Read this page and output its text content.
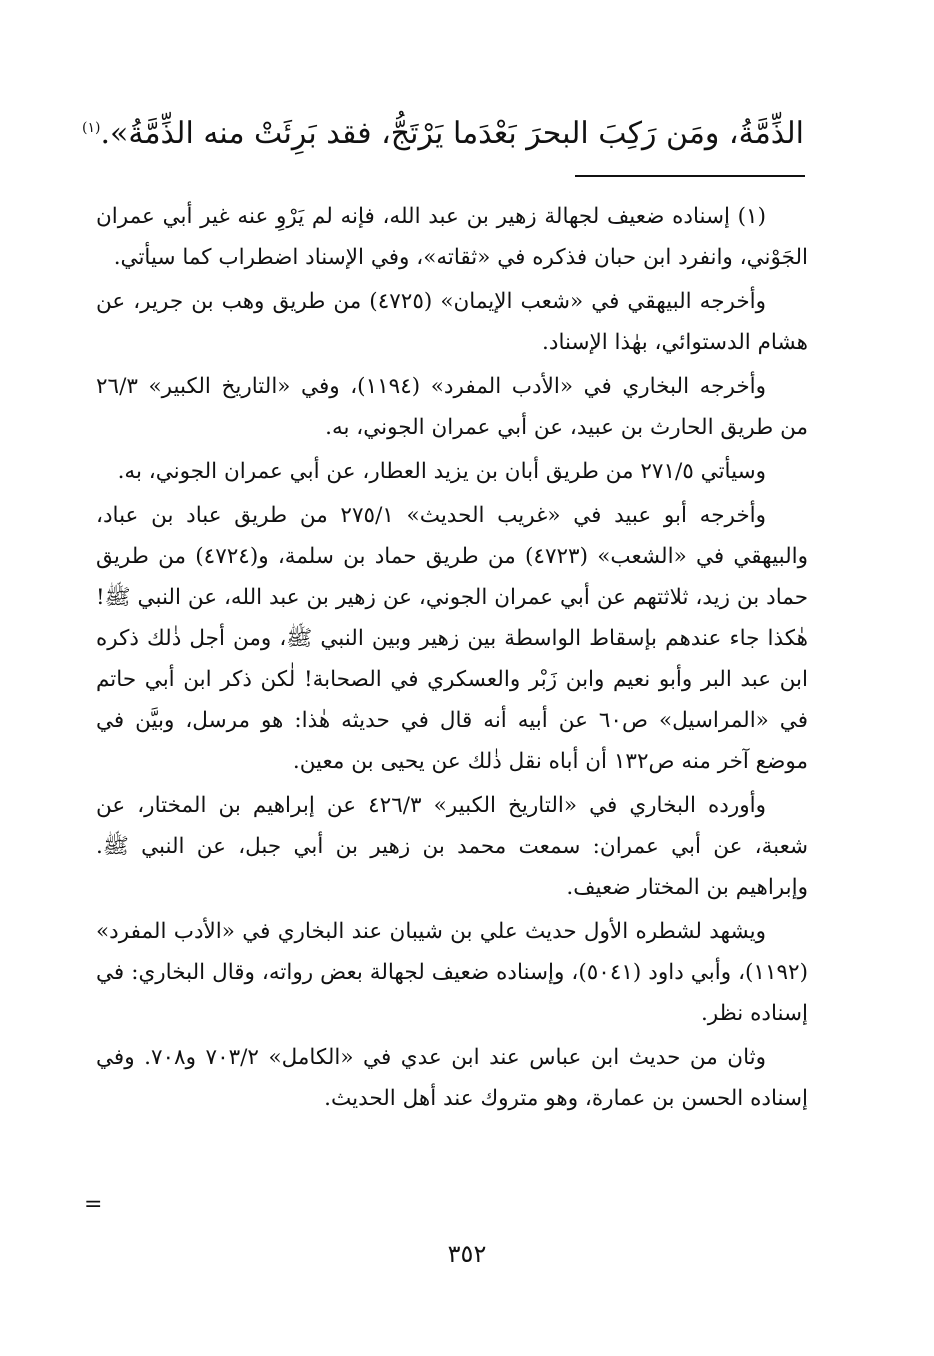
الذِّمَّةُ، ومَن رَكِبَ البحرَ بَعْدَما يَرْتَجُّ، فقد بَرِئَتْ منه الذِّمَّةُ».$^{(١)}$

(١) إسناده ضعيف لجهالة زهير بن عبد الله، فإنه لم يَرْوِ عنه غير أبي عمران الجَوْني، وانفرد ابن حبان فذكره في «ثقاته»، وفي الإسناد اضطراب كما سيأتي.

وأخرجه البيهقي في «شعب الإيمان» (٤٧٢٥) من طريق وهب بن جرير، عن هشام الدستوائي، بهٰذا الإسناد.

وأخرجه البخاري في «الأدب المفرد» (١١٩٤)، وفي «التاريخ الكبير» ٢٦/٣ من طريق الحارث بن عبيد، عن أبي عمران الجوني، به.

وسيأتي ٢٧١/٥ من طريق أبان بن يزيد العطار، عن أبي عمران الجوني، به.

وأخرجه أبو عبيد في «غريب الحديث» ٢٧٥/١ من طريق عباد بن عباد، والبيهقي في «الشعب» (٤٧٢٣) من طريق حماد بن سلمة، و(٤٧٢٤) من طريق حماد بن زيد، ثلاثتهم عن أبي عمران الجوني، عن زهير بن عبد الله، عن النبي ﷺ! هٰكذا جاء عندهم بإسقاط الواسطة بين زهير وبين النبي ﷺ، ومن أجل ذٰلك ذكره ابن عبد البر وأبو نعيم وابن زَبْر والعسكري في الصحابة! لٰكن ذكر ابن أبي حاتم في «المراسيل» ص٦٠ عن أبيه أنه قال في حديثه هٰذا: هو مرسل، وبيَّن في موضع آخر منه ص١٣٢ أن أباه نقل ذٰلك عن يحيى بن معين.

وأورده البخاري في «التاريخ الكبير» ٤٢٦/٣ عن إبراهيم بن المختار، عن شعبة، عن أبي عمران: سمعت محمد بن زهير بن أبي جبل، عن النبي ﷺ. وإبراهيم بن المختار ضعيف.

ويشهد لشطره الأول حديث علي بن شيبان عند البخاري في «الأدب المفرد» (١١٩٢)، وأبي داود (٥٠٤١)، وإسناده ضعيف لجهالة بعض رواته، وقال البخاري: في إسناده نظر.

وثان من حديث ابن عباس عند ابن عدي في «الكامل» ٧٠٣/٢ و٧٠٨. وفي إسناده الحسن بن عمارة، وهو متروك عند أهل الحديث.

=
٣٥٢
